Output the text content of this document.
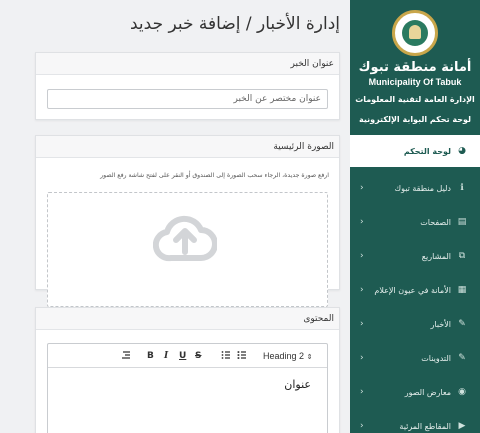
إدارة الأخبار / إضافة خبر جديد
عنوان الخبر
عنوان مختصر عن الخبر
الصورة الرئيسية
ارفع صورة جديدة، الرجاء سحب الصورة إلى الصندوق أو النقر على لفتح شاشة رفع الصور
المحتوى
B I U S	Heading 2 ⇕
عنوان
أمانة منطقة تبوك
Municipality Of Tabuk
الإدارة العامة لتقنية المعلومات
لوحة تحكم البوابة الإلكترونية
◕
لوحة التحكم
ℹ
دليل منطقة تبوك
‹
▤
الصفحات
‹
⧉
المشاريع
‹
▦
الأمانة في عيون الإعلام
‹
✎
الأخبار
‹
✎
التدوينات
‹
◉
معارض الصور
‹
▶
المقاطع المرئية
‹
